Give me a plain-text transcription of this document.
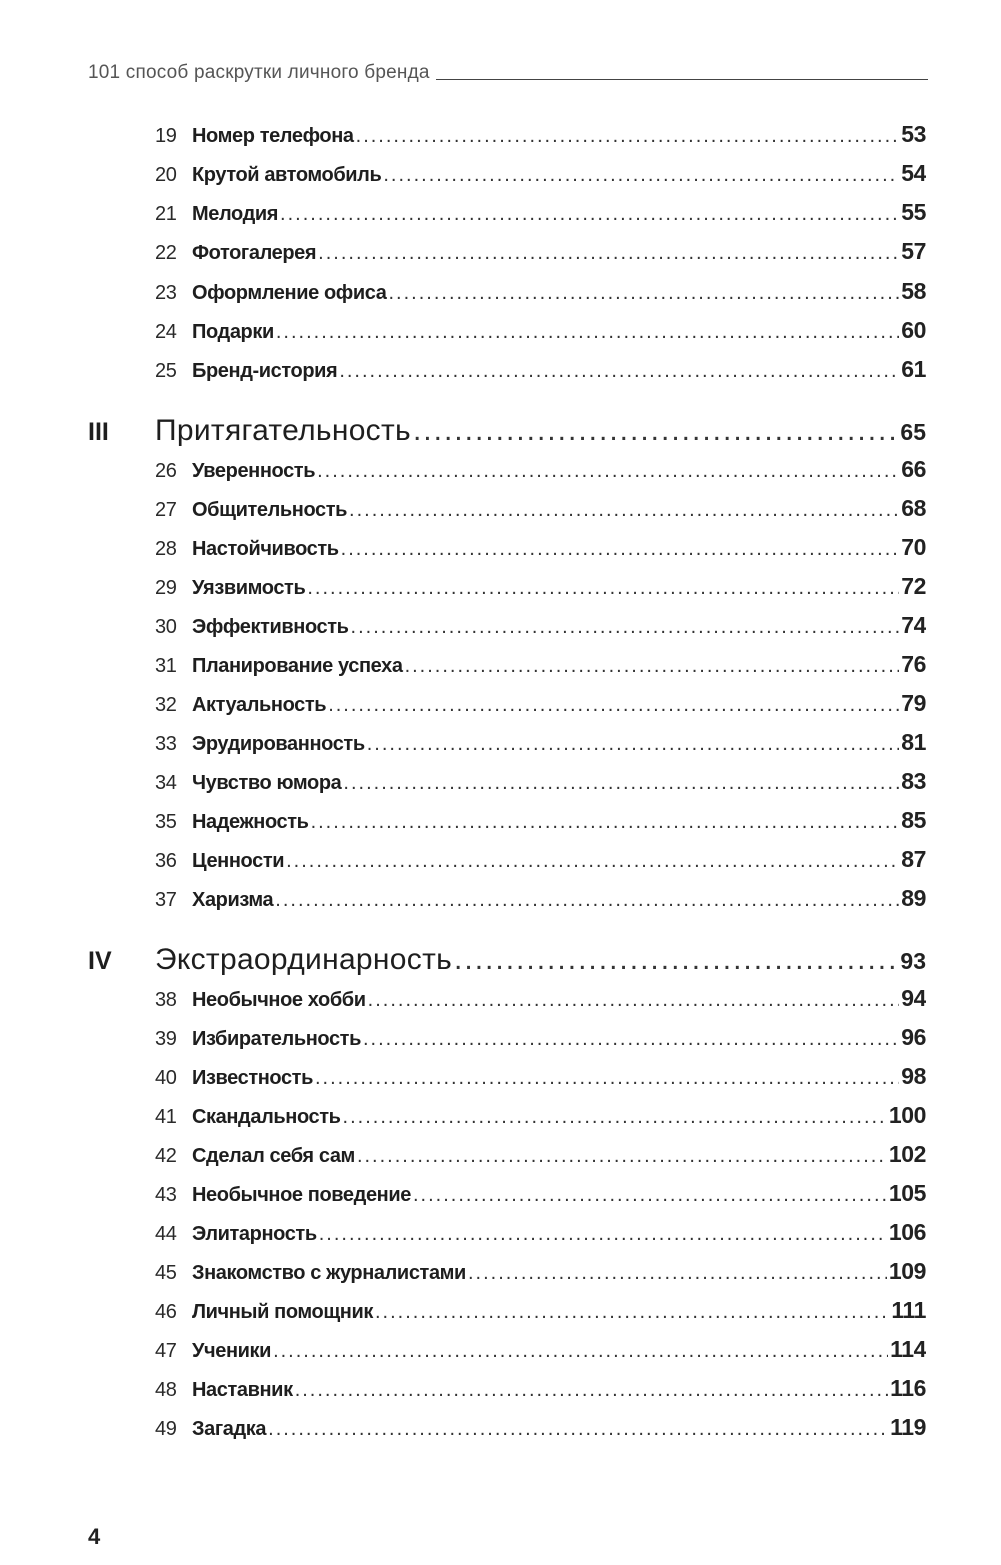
101 способ раскрутки личного бренда
19 Номер телефона .....	53
20 Крутой автомобиль .....	54
21 Мелодия .....	55
22 Фотогалерея .....	57
23 Оформление офиса .....	58
24 Подарки .....	60
25 Бренд-история .....	61
III	Притягательность .....	65
26 Уверенность .....	66
27 Общительность .....	68
28 Настойчивость .....	70
29 Уязвимость .....	72
30 Эффективность .....	74
31 Планирование успеха .....	76
32 Актуальность .....	79
33 Эрудированность .....	81
34 Чувство юмора .....	83
35 Надежность .....	85
36 Ценности .....	87
37 Харизма .....	89
IV	Экстраординарность .....	93
38 Необычное хобби .....	94
39 Избирательность .....	96
40 Известность .....	98
41 Скандальность .....	100
42 Сделал себя сам .....	102
43 Необычное поведение .....	105
44 Элитарность .....	106
45 Знакомство с журналистами .....	109
46 Личный помощник .....	111
47 Ученики .....	114
48 Наставник .....	116
49 Загадка .....	119
4
